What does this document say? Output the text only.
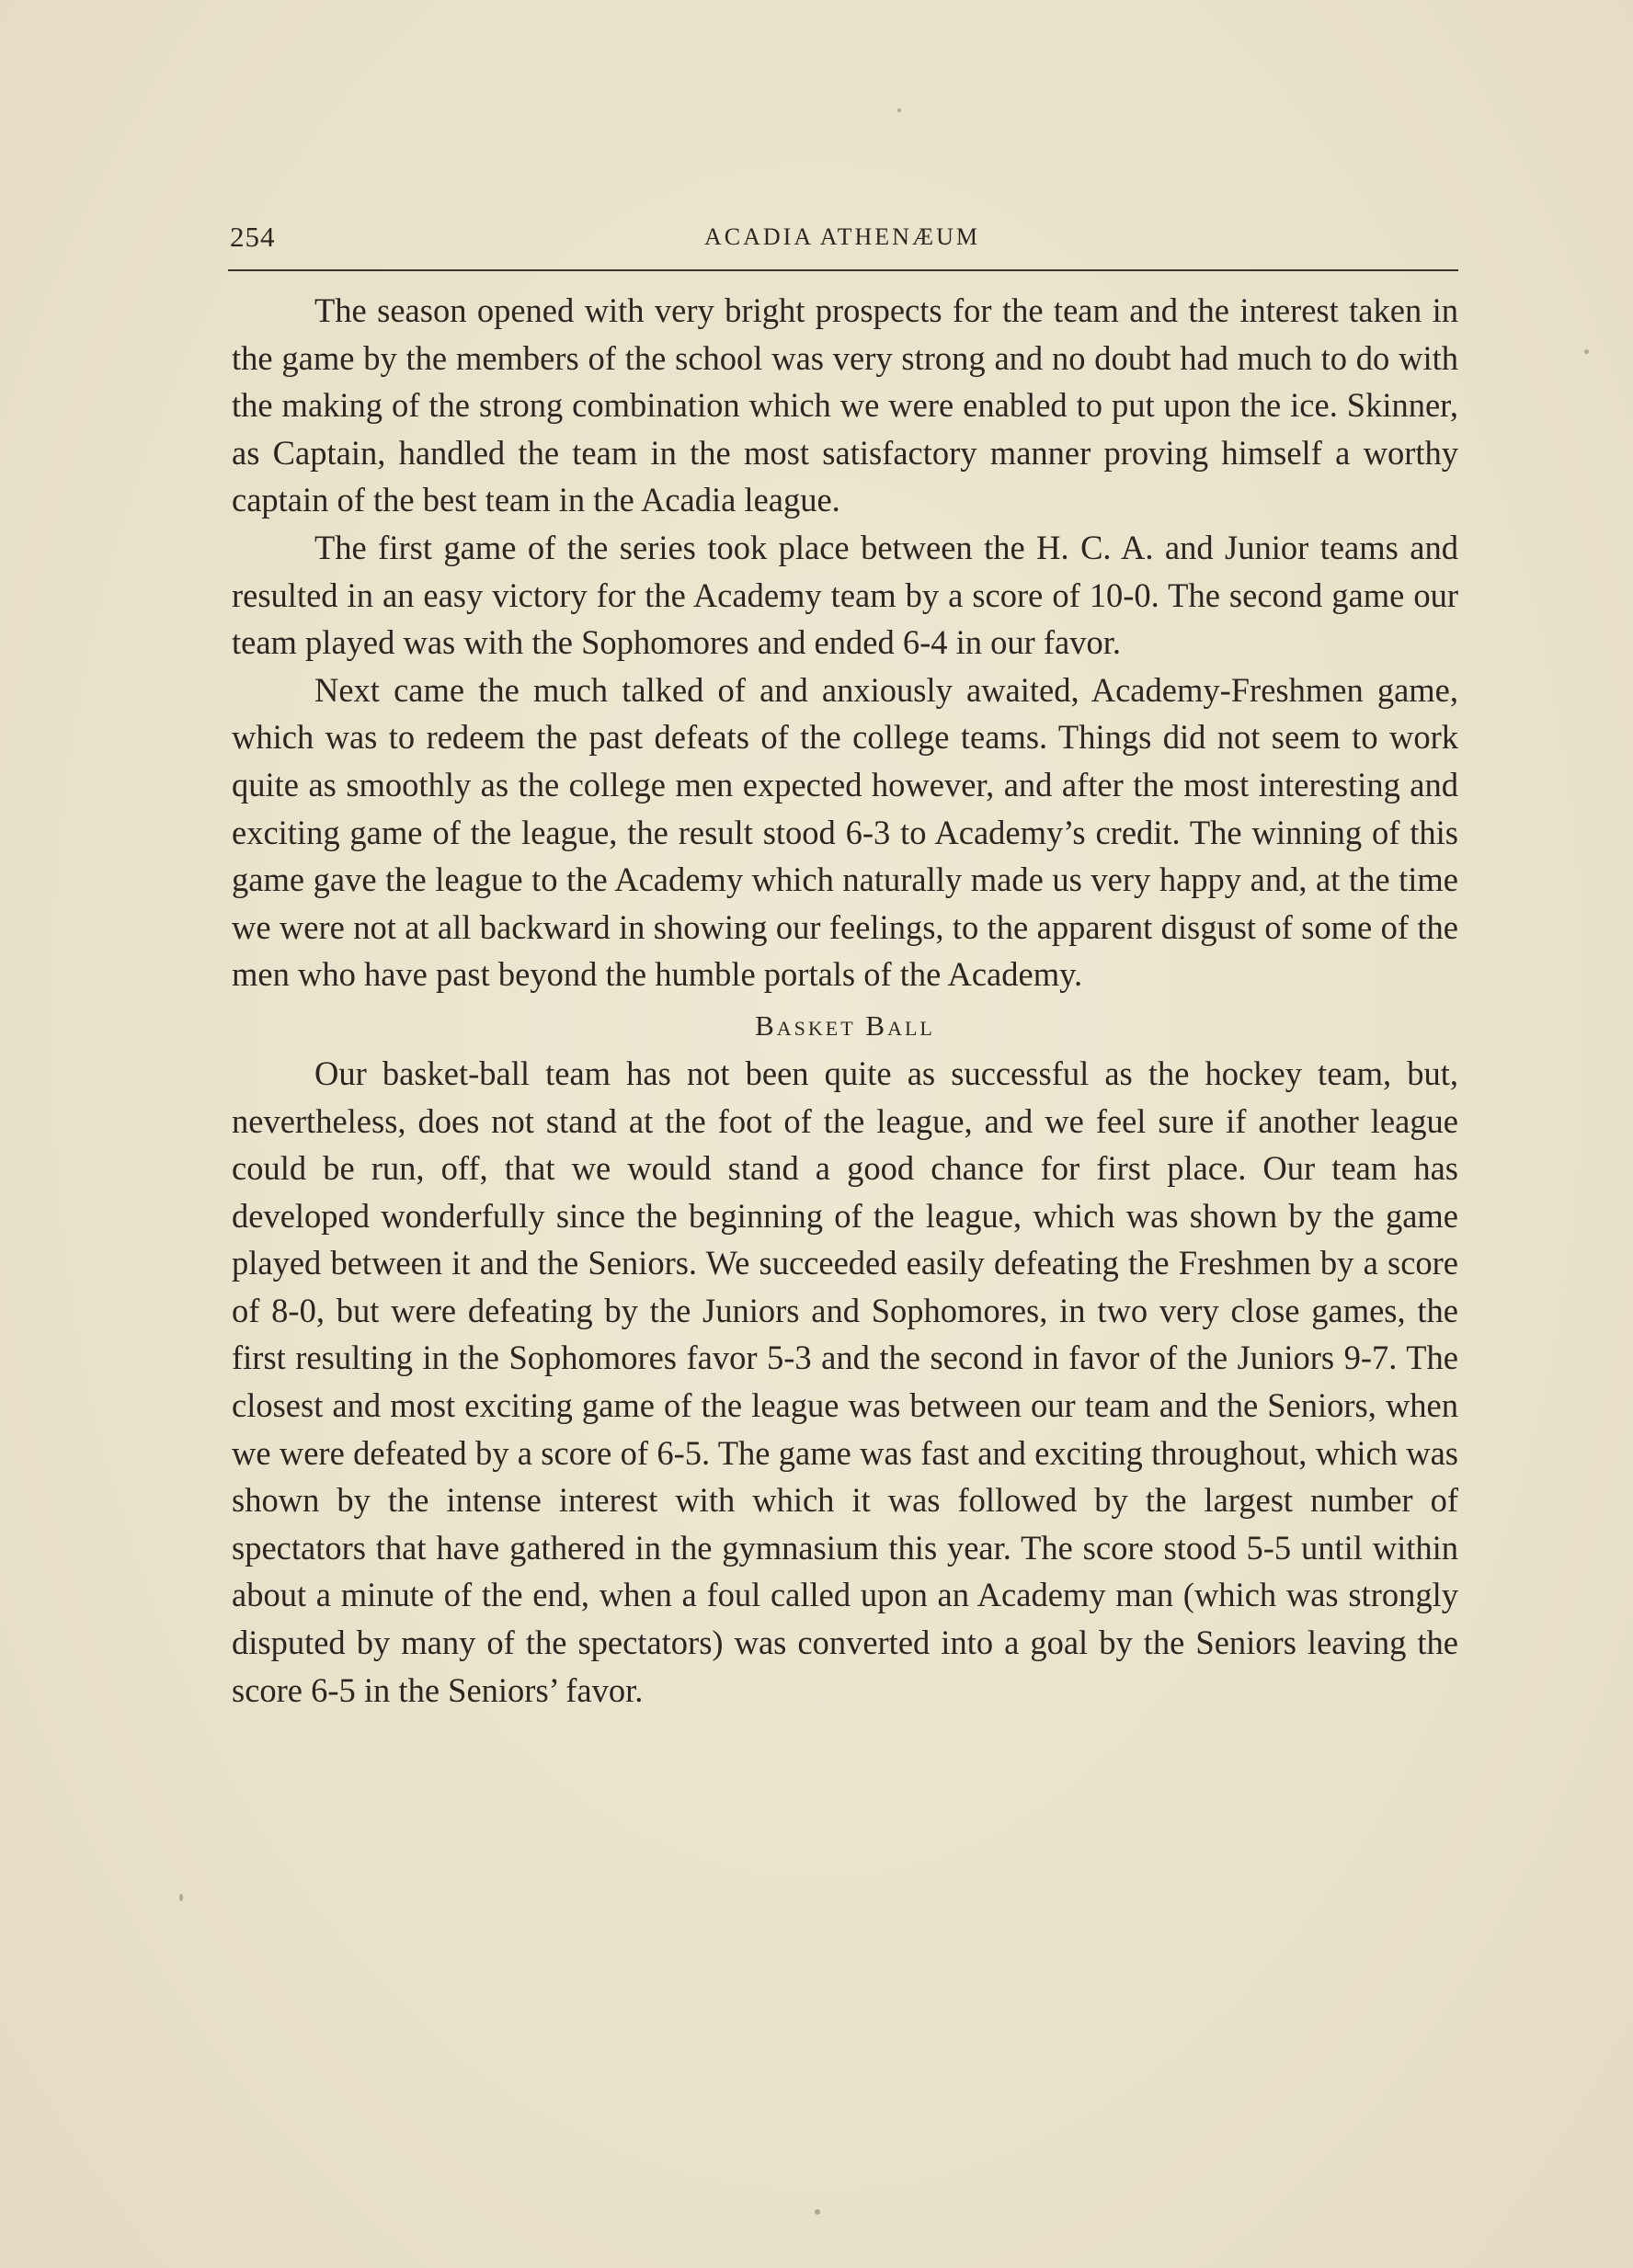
254	ACADIA ATHENÆUM

The season opened with very bright prospects for the team and the interest taken in the game by the members of the school was very strong and no doubt had much to do with the making of the strong combination which we were enabled to put upon the ice. Skinner, as Captain, handled the team in the most satisfactory manner proving himself a worthy captain of the best team in the Acadia league.

The first game of the series took place between the H. C. A. and Junior teams and resulted in an easy victory for the Academy team by a score of 10-0. The second game our team played was with the Sophomores and ended 6-4 in our favor.

Next came the much talked of and anxiously awaited, Academy-Freshmen game, which was to redeem the past defeats of the college teams. Things did not seem to work quite as smoothly as the college men expected however, and after the most interesting and exciting game of the league, the result stood 6-3 to Academy’s credit. The winning of this game gave the league to the Academy which naturally made us very happy and, at the time we were not at all backward in showing our feelings, to the apparent disgust of some of the men who have past beyond the humble portals of the Academy.

Basket Ball

Our basket-ball team has not been quite as successful as the hockey team, but, nevertheless, does not stand at the foot of the league, and we feel sure if another league could be run, off, that we would stand a good chance for first place. Our team has developed wonderfully since the beginning of the league, which was shown by the game played between it and the Seniors. We succeeded easily defeating the Freshmen by a score of 8-0, but were defeating by the Juniors and Sophomores, in two very close games, the first resulting in the Sophomores favor 5-3 and the second in favor of the Juniors 9-7. The closest and most exciting game of the league was between our team and the Seniors, when we were defeated by a score of 6-5. The game was fast and exciting throughout, which was shown by the intense interest with which it was followed by the largest number of spectators that have gathered in the gymnasium this year. The score stood 5-5 until within about a minute of the end, when a foul called upon an Academy man (which was strongly disputed by many of the spectators) was converted into a goal by the Seniors leaving the score 6-5 in the Seniors’ favor.
